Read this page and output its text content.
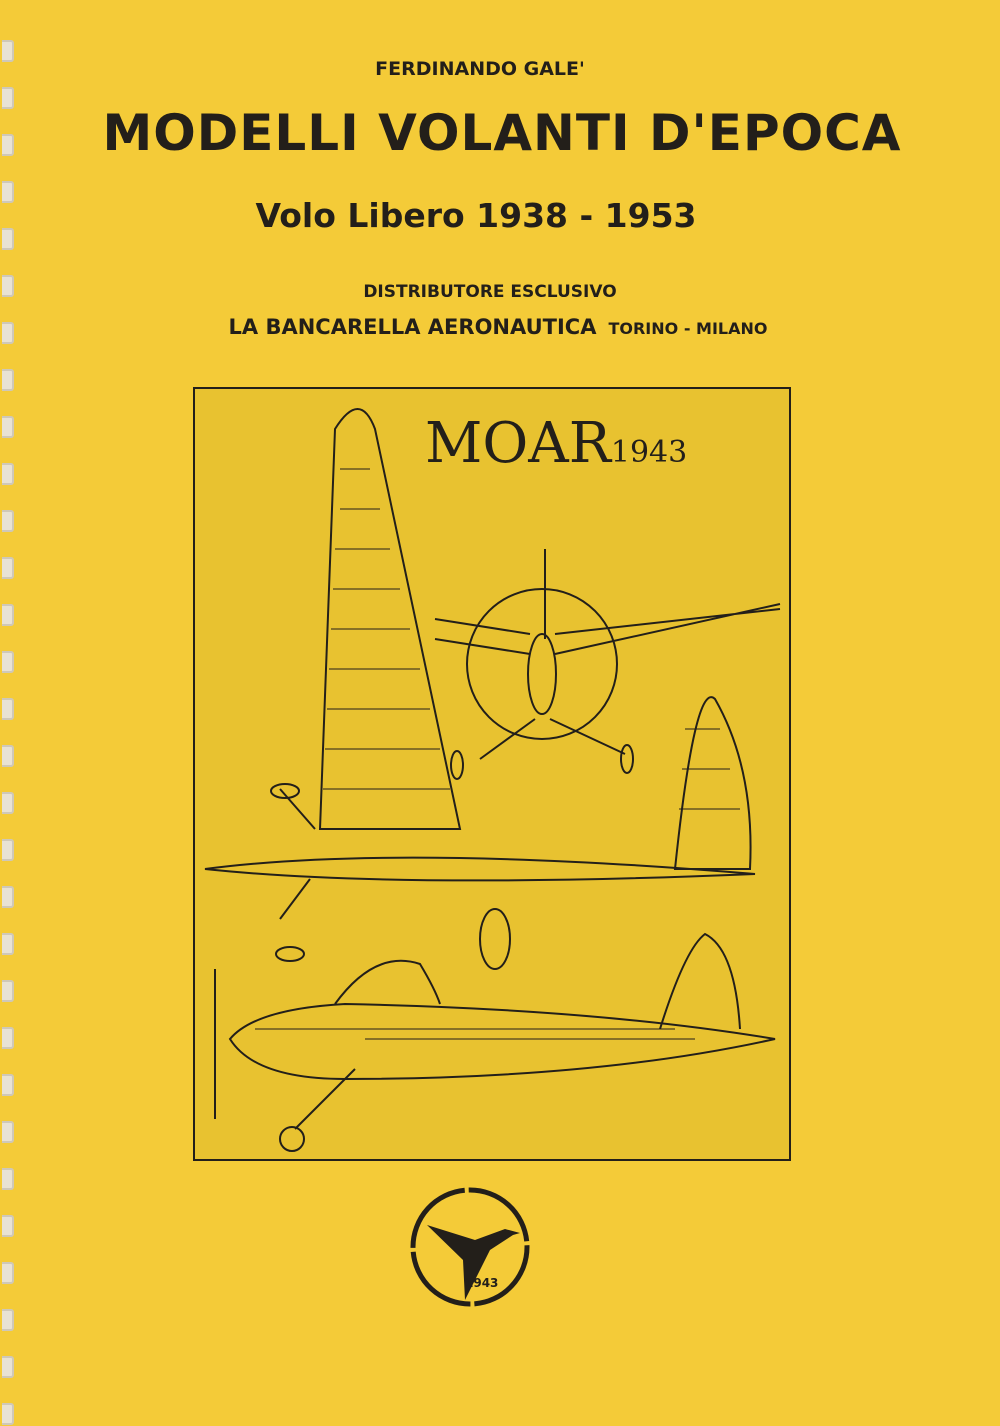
FERDINANDO GALE'
MODELLI VOLANTI D'EPOCA
Volo Libero 1938 - 1953
DISTRIBUTORE ESCLUSIVO
LA BANCARELLA AERONAUTICA TORINO - MILANO
MOAR1943
1943
